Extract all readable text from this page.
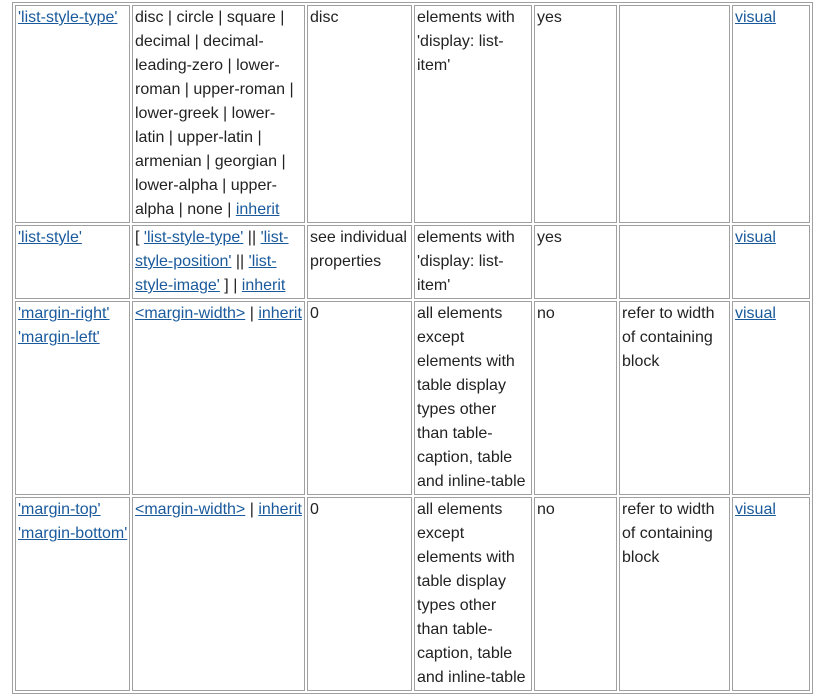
'list-style-type'	disc | circle | square | decimal | decimal-leading-zero | lower-roman | upper-roman | lower-greek | lower-latin | upper-latin | armenian | georgian | lower-alpha | upper-alpha | none | inherit	disc	elements with 'display: list-item'	yes		visual

'list-style'	[ 'list-style-type' || 'list-style-position' || 'list-style-image' ] | inherit	see individual properties	elements with 'display: list-item'	yes		visual

'margin-right'
'margin-left'	<margin-width> | inherit	0	all elements except elements with table display types other than table-caption, table and inline-table	no	refer to width of containing block	visual

'margin-top'
'margin-bottom'	<margin-width> | inherit	0	all elements except elements with table display types other than table-caption, table and inline-table	no	refer to width of containing block	visual
